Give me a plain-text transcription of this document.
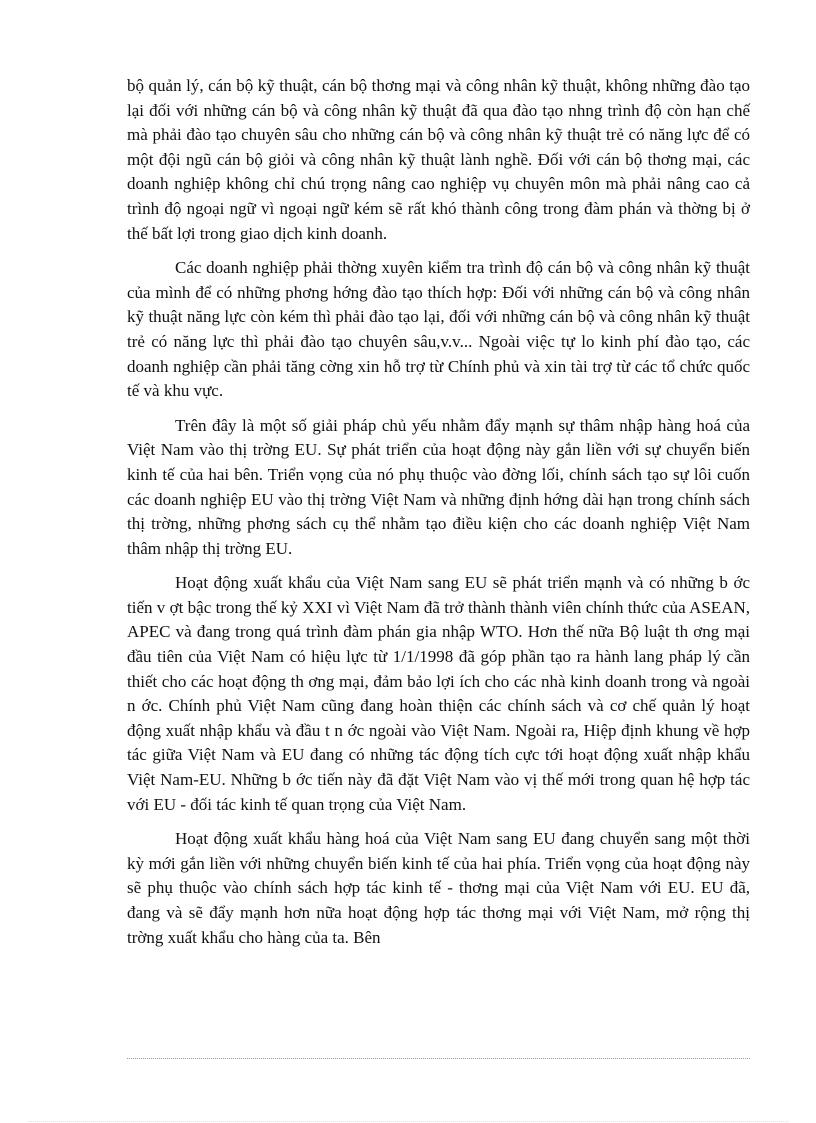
bộ quản lý, cán bộ kỹ thuật, cán bộ thơng mại và công nhân kỹ thuật, không những đào tạo lại đối với những cán bộ và công nhân kỹ thuật đã qua đào tạo nhng trình độ còn hạn chế mà phải đào tạo chuyên sâu cho những cán bộ và công nhân kỹ thuật trẻ có năng lực để có một đội ngũ cán bộ giỏi và công nhân kỹ thuật lành nghề. Đối với cán bộ thơng mại, các doanh nghiệp không chỉ chú trọng nâng cao nghiệp vụ chuyên môn mà phải nâng cao cả trình độ ngoại ngữ vì ngoại ngữ kém sẽ rất khó thành công trong đàm phán và thờng bị ở thế bất lợi trong giao dịch kinh doanh.

Các doanh nghiệp phải thờng xuyên kiểm tra trình độ cán bộ và công nhân kỹ thuật của mình để có những phơng hớng đào tạo thích hợp: Đối với những cán bộ và công nhân kỹ thuật năng lực còn kém thì phải đào tạo lại, đối với những cán bộ và công nhân kỹ thuật trẻ có năng lực thì phải đào tạo chuyên sâu,v.v... Ngoài việc tự lo kinh phí đào tạo, các doanh nghiệp cần phải tăng cờng xin hỗ trợ từ Chính phủ và xin tài trợ từ các tổ chức quốc tế và khu vực.

Trên đây là một số giải pháp chủ yếu nhằm đẩy mạnh sự thâm nhập hàng hoá của Việt Nam vào thị trờng EU. Sự phát triển của hoạt động này gắn liền với sự chuyển biến kinh tế của hai bên. Triển vọng của nó phụ thuộc vào đờng lối, chính sách tạo sự lôi cuốn các doanh nghiệp EU vào thị trờng Việt Nam và những định hớng dài hạn trong chính sách thị trờng, những phơng sách cụ thể nhằm tạo điều kiện cho các doanh nghiệp Việt Nam thâm nhập thị trờng EU.

Hoạt động xuất khẩu của Việt Nam sang EU sẽ phát triển mạnh và có những b ớc tiến v ợt bậc trong thế kỷ XXI vì Việt Nam đã trở thành thành viên chính thức của ASEAN, APEC và đang trong quá trình đàm phán gia nhập WTO. Hơn thế nữa Bộ luật th ơng mại đầu tiên của Việt Nam có hiệu lực từ 1/1/1998 đã góp phần tạo ra hành lang pháp lý cần thiết cho các hoạt động th ơng mại, đảm bảo lợi ích cho các nhà kinh doanh trong và ngoài n ớc. Chính phủ Việt Nam cũng đang hoàn thiện các chính sách và cơ chế quản lý hoạt động xuất nhập khẩu và đầu t n ớc ngoài vào Việt Nam. Ngoài ra, Hiệp định khung về hợp tác giữa Việt Nam và EU đang có những tác động tích cực tới hoạt động xuất nhập khẩu Việt Nam-EU. Những b ớc tiến này đã đặt Việt Nam vào vị thế mới trong quan hệ hợp tác với EU - đối tác kinh tế quan trọng của Việt Nam.

Hoạt động xuất khẩu hàng hoá của Việt Nam sang EU đang chuyển sang một thời kỳ mới gắn liền với những chuyển biến kinh tế của hai phía. Triển vọng của hoạt động này sẽ phụ thuộc vào chính sách hợp tác kinh tế - thơng mại của Việt Nam với EU. EU đã, đang và sẽ đẩy mạnh hơn nữa hoạt động hợp tác thơng mại với Việt Nam, mở rộng thị trờng xuất khẩu cho hàng của ta. Bên
